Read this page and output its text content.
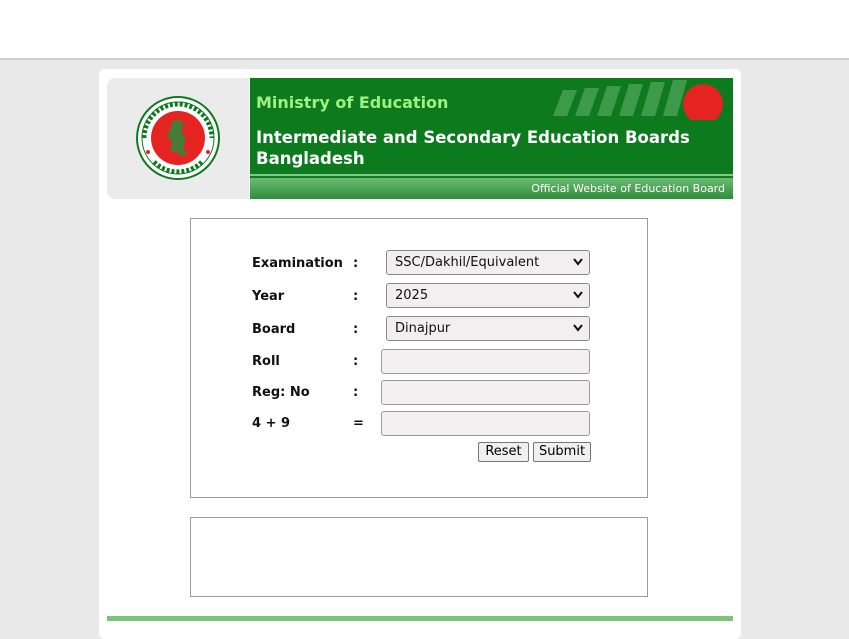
Ministry of Education
Intermediate and Secondary Education Boards
Bangladesh
Official Website of Education Board
Examination :	SSC/Dakhil/Equivalent
Year	:	2025
Board	:	Dinajpur
Roll	:
Reg: No	:
4 + 9	=
Reset	Submit
